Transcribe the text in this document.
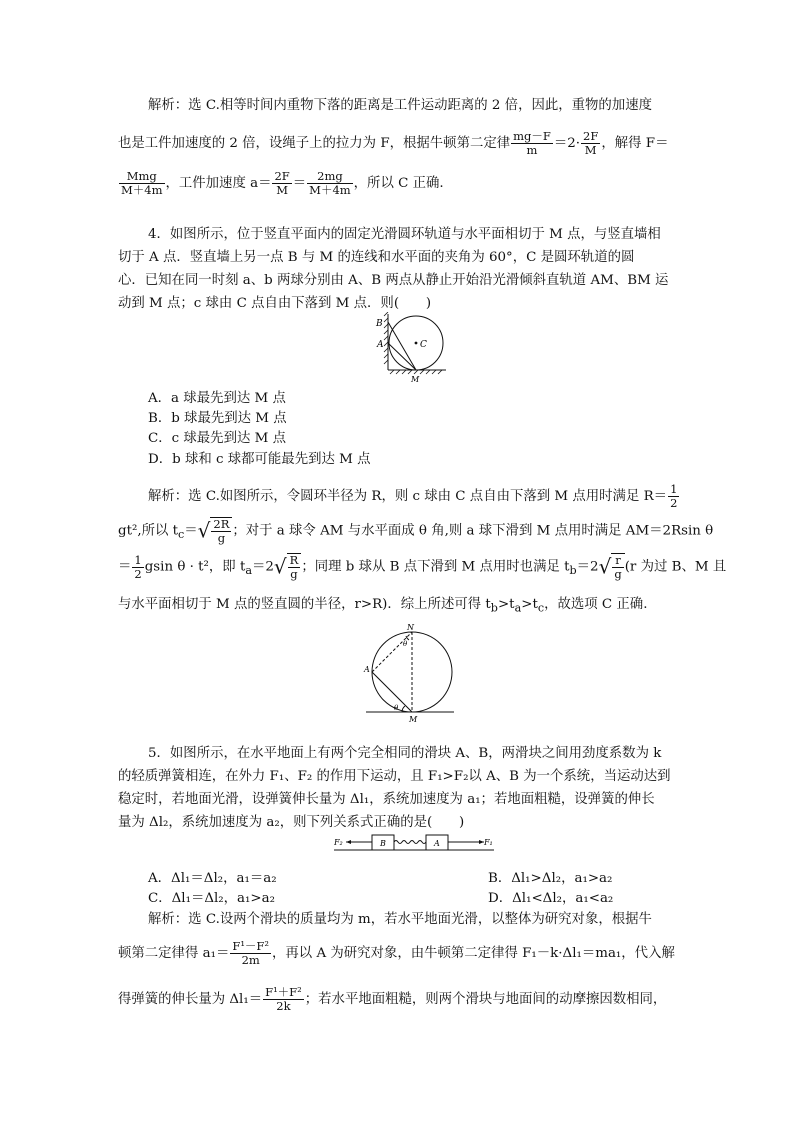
解析：选 C.相等时间内重物下落的距离是工件运动距离的 2 倍，因此，重物的加速度
也是工件加速度的 2 倍，设绳子上的拉力为 F，根据牛顿第二定律 $\frac{mg-F}{m} =2\cdot \frac{2F}{M}$ ，解得 F＝
$\frac{\text{Mmg}}{M+4m}$ ，工件加速度 $a= \frac{2F}{M} = \frac{2mg}{M+4m}$ ，所以 C 正确.
4．如图所示，位于竖直平面内的固定光滑圆环轨道与水平面相切于 M 点，与竖直墙相
切于 A 点．竖直墙上另一点 B 与 M 的连线和水平面的夹角为 60°，C 是圆环轨道的圆
心．已知在同一时刻 a、b 两球分别由 A、B 两点从静止开始沿光滑倾斜直轨道 AM、BM 运
动到 M 点；c 球由 C 点自由下落到 M 点．则(　　)
B
A	C
M
A．a 球最先到达 M 点
B．b 球最先到达 M 点
C．c 球最先到达 M 点
D．b 球和 c 球都可能最先到达 M 点
解析：选 C.如图所示，令圆环半径为 R，则 c 球由 C 点自由下落到 M 点用时满足 $R= \frac{1}{2}$
gt²,所以 $t_c=√ \frac{2R}{g}$ ；对于 a 球令 AM 与水平面成 θ 角,则 a 球下滑到 M 点用时满足 AM＝2Rsin θ
＝ $\frac{1}{2}$ gsin θ · t²，即 $t_a=2√ \frac{R}{g}$ ；同理 b 球从 B 点下滑到 M 点用时也满足 $t_b=2√ \frac{r}{g} (r$ 为过 B、M 且
与水平面相切于 M 点的竖直圆的半径，r>R)．综上所述可得 $t_b>t_a>t_c$，故选项 C 正确.
N
A
θ
θ
M
5．如图所示，在水平地面上有两个完全相同的滑块 A、B，两滑块之间用劲度系数为 k
的轻质弹簧相连，在外力 F₁、F₂ 的作用下运动，且 F₁>F₂以 A、B 为一个系统，当运动达到
稳定时，若地面光滑，设弹簧伸长量为 Δl₁，系统加速度为 a₁；若地面粗糙，设弹簧的伸长
量为 Δl₂，系统加速度为 a₂，则下列关系式正确的是(　　)
F₂	B	A	F₁
A．Δl₁＝Δl₂，a₁＝a₂	B．Δl₁>Δl₂，a₁>a₂
C．Δl₁＝Δl₂，a₁>a₂	D．Δl₁<Δl₂，a₁<a₂
解析：选 C.设两个滑块的质量均为 m，若水平地面光滑，以整体为研究对象，根据牛
顿第二定律得 $a_1= \frac{\text{F¹－F²}}{2m}$ ，再以 A 为研究对象，由牛顿第二定律得 F₁－k·Δl₁＝ma₁，代入解
得弹簧的伸长量为 $\Delta l_1= \frac{\text{F¹＋F²}}{2k}$ ；若水平地面粗糙，则两个滑块与地面间的动摩擦因数相同，
